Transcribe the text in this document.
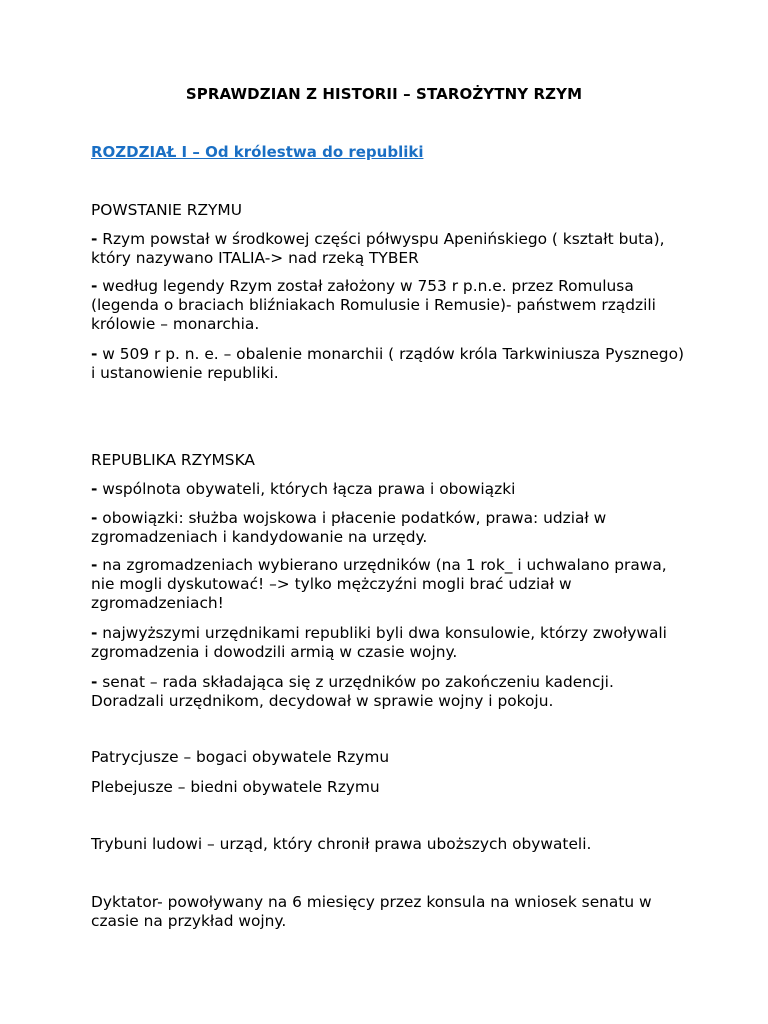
SPRAWDZIAN Z HISTORII – STAROŻYTNY RZYM
ROZDZIAŁ I – Od królestwa do republiki

POWSTANIE RZYMU

- Rzym powstał w środkowej części półwyspu Apenińskiego ( kształt buta), który nazywano ITALIA-> nad rzeką TYBER

- według legendy Rzym został założony w 753 r p.n.e. przez Romulusa (legenda o braciach bliźniakach Romulusie i Remusie)- państwem rządzili królowie – monarchia.

- w 509 r p. n. e. – obalenie monarchii ( rządów króla Tarkwiniusza Pysznego) i ustanowienie republiki.

REPUBLIKA RZYMSKA

- wspólnota obywateli, których łącza prawa i obowiązki

- obowiązki: służba wojskowa i płacenie podatków, prawa: udział w zgromadzeniach i kandydowanie na urzędy.

- na zgromadzeniach wybierano urzędników (na 1 rok_ i uchwalano prawa, nie mogli dyskutować! –> tylko mężczyźni mogli brać udział w zgromadzeniach!

- najwyższymi urzędnikami republiki byli dwa konsulowie, którzy zwoływali zgromadzenia i dowodzili armią w czasie wojny.

- senat – rada składająca się z urzędników po zakończeniu kadencji. Doradzali urzędnikom, decydował w sprawie wojny i pokoju.

Patrycjusze – bogaci obywatele Rzymu

Plebejusze – biedni obywatele Rzymu

Trybuni ludowi – urząd, który chronił prawa uboższych obywateli.

Dyktator- powoływany na 6 miesięcy przez konsula na wniosek senatu w czasie na przykład wojny.
